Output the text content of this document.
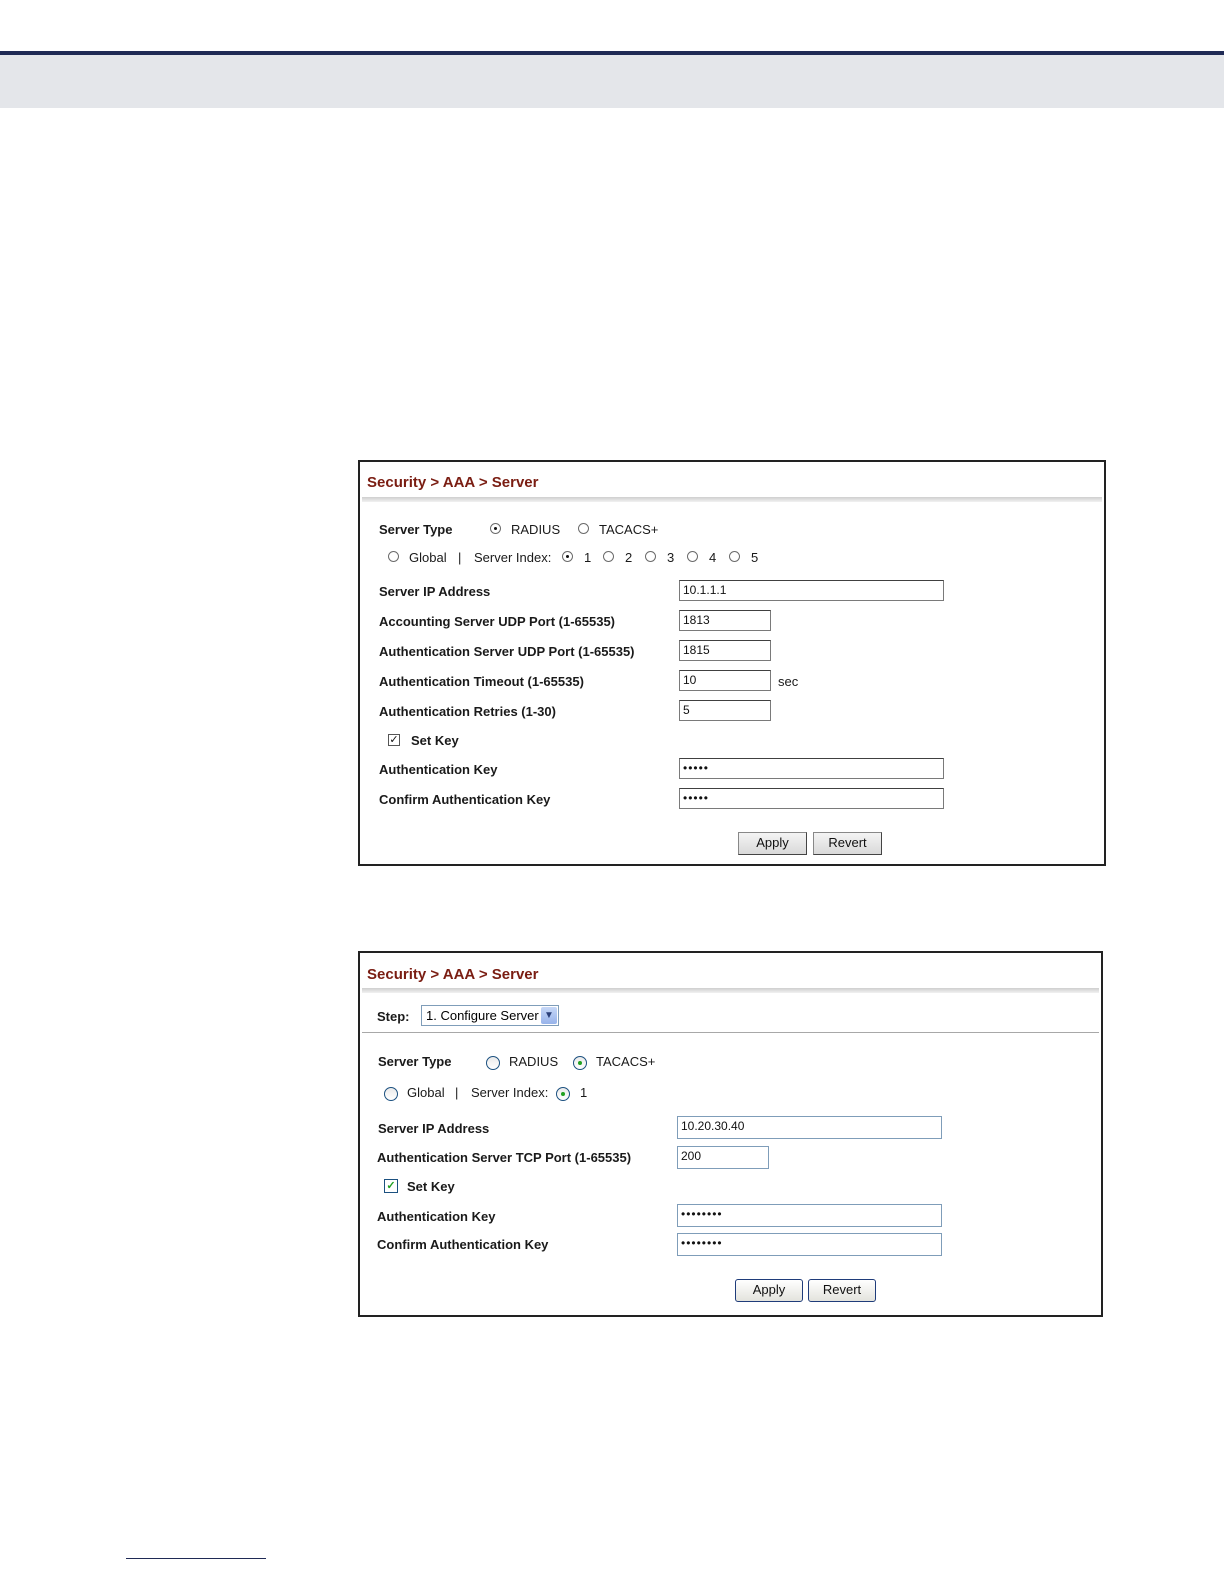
Security > AAA > Server
Server Type	RADIUS	TACACS+
Global | Server Index:	1	2	3	4	5
Server IP Address	10.1.1.1
Accounting Server UDP Port (1-65535)	1813
Authentication Server UDP Port (1-65535)	1815
Authentication Timeout (1-65535)	10	sec
Authentication Retries (1-30)	5
✓ Set Key
Authentication Key	•••••
Confirm Authentication Key	•••••
Apply	Revert
Security > AAA > Server
Step:	1. Configure Server ▼
Server Type	RADIUS	TACACS+
Global | Server Index: 1
Server IP Address	10.20.30.40
Authentication Server TCP Port (1-65535)	200
✓ Set Key
Authentication Key	••••••••
Confirm Authentication Key	••••••••
Apply	Revert
